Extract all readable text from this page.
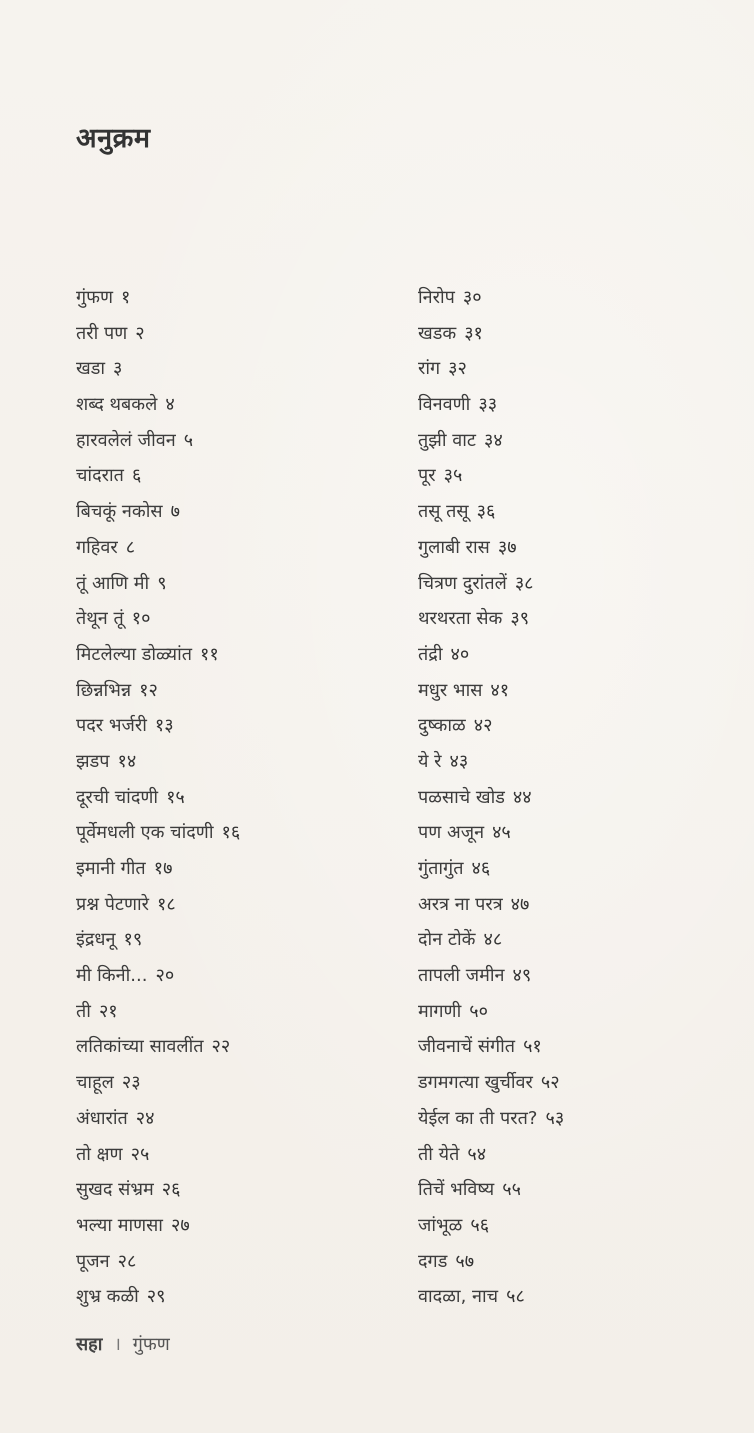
अनुक्रम
गुंफण १
तरी पण २
खडा ३
शब्द थबकले ४
हारवलेलं जीवन ५
चांदरात ६
बिचकूं नकोस ७
गहिवर ८
तूं आणि मी ९
तेथून तूं १०
मिटलेल्या डोळ्यांत ११
छिन्नभिन्न १२
पदर भर्जरी १३
झडप १४
दूरची चांदणी १५
पूर्वेमधली एक चांदणी १६
इमानी गीत १७
प्रश्न पेटणारे १८
इंद्रधनू १९
मी किनी... २०
ती २१
लतिकांच्या सावलींत २२
चाहूल २३
अंधारांत २४
तो क्षण २५
सुखद संभ्रम २६
भल्या माणसा २७
पूजन २८
शुभ्र कळी २९
निरोप ३०
खडक ३१
रांग ३२
विनवणी ३३
तुझी वाट ३४
पूर ३५
तसू तसू ३६
गुलाबी रास ३७
चित्रण दुरांतलें ३८
थरथरता सेक ३९
तंद्री ४०
मधुर भास ४१
दुष्काळ ४२
ये रे ४३
पळसाचे खोड ४४
पण अजून ४५
गुंतागुंत ४६
अरत्र ना परत्र ४७
दोन टोकें ४८
तापली जमीन ४९
मागणी ५०
जीवनाचें संगीत ५१
डगमगत्या खुर्चीवर ५२
येईल का ती परत? ५३
ती येते ५४
तिचें भविष्य ५५
जांभूळ ५६
दगड ५७
वादळा, नाच ५८
सहा । गुंफण
